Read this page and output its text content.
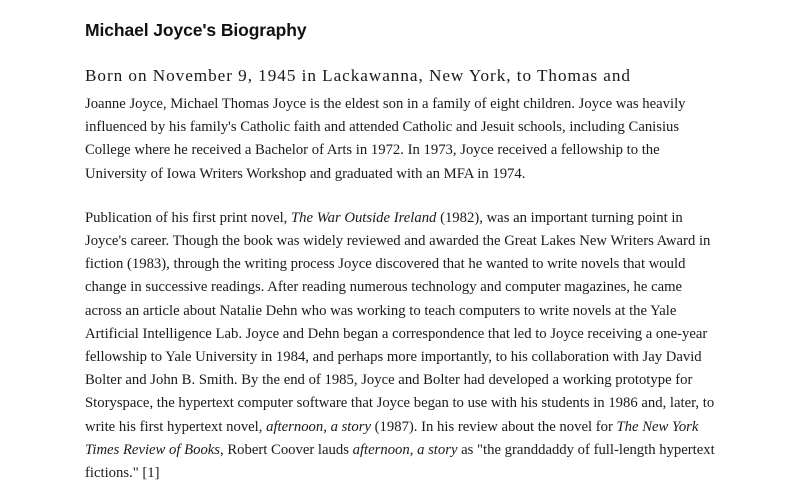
Michael Joyce's Biography

Born on November 9, 1945 in Lackawanna, New York, to Thomas and

Joanne Joyce, Michael Thomas Joyce is the eldest son in a family of eight children. Joyce was heavily influenced by his family's Catholic faith and attended Catholic and Jesuit schools, including Canisius College where he received a Bachelor of Arts in 1972. In 1973, Joyce received a fellowship to the University of Iowa Writers Workshop and graduated with an MFA in 1974.

Publication of his first print novel, The War Outside Ireland (1982), was an important turning point in Joyce's career. Though the book was widely reviewed and awarded the Great Lakes New Writers Award in fiction (1983), through the writing process Joyce discovered that he wanted to write novels that would change in successive readings. After reading numerous technology and computer magazines, he came across an article about Natalie Dehn who was working to teach computers to write novels at the Yale Artificial Intelligence Lab. Joyce and Dehn began a correspondence that led to Joyce receiving a one-year fellowship to Yale University in 1984, and perhaps more importantly, to his collaboration with Jay David Bolter and John B. Smith. By the end of 1985, Joyce and Bolter had developed a working prototype for Storyspace, the hypertext computer software that Joyce began to use with his students in 1986 and, later, to write his first hypertext novel, afternoon, a story (1987). In his review about the novel for The New York Times Review of Books, Robert Coover lauds afternoon, a story as "the granddaddy of full-length hypertext fictions." [1]
